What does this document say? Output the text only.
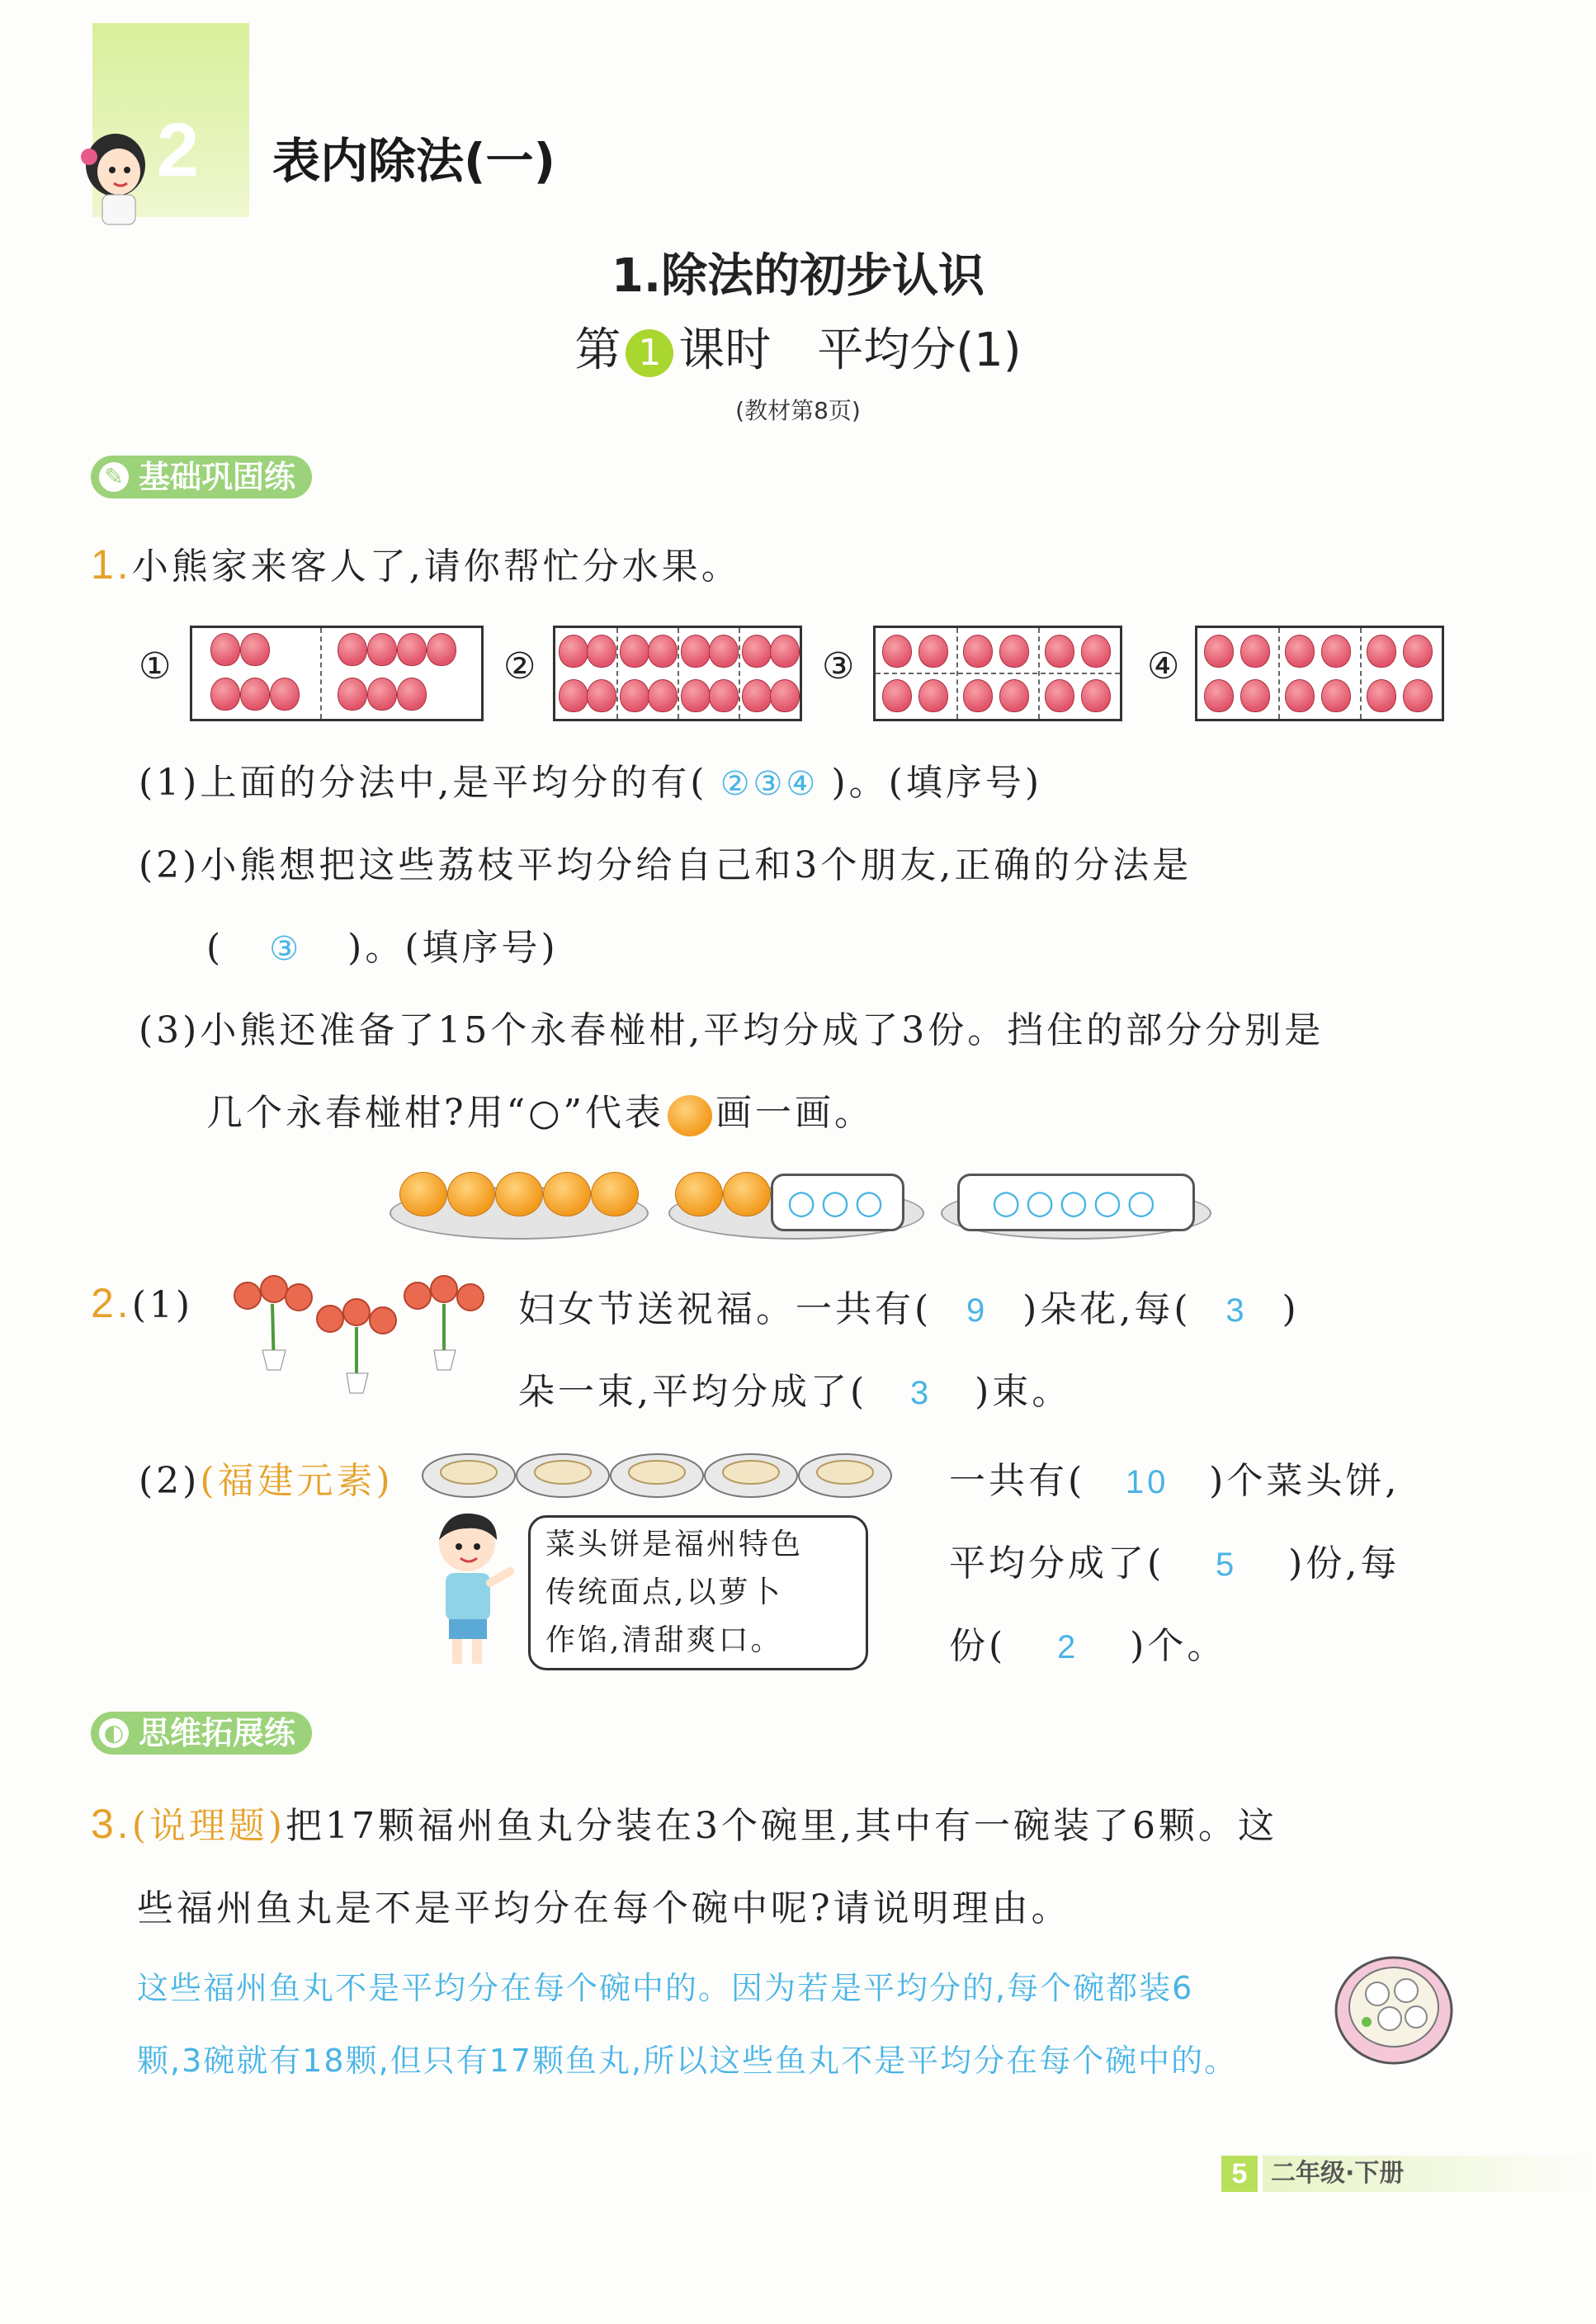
2 表内除法(一)
1.除法的初步认识
第 1 课时　平均分(1)
(教材第8页)
✎ 基础巩固练
1.小熊家来客人了,请你帮忙分水果。
①	②	③	④
(1)上面的分法中,是平均分的有( ②③④ )。(填序号)
(2)小熊想把这些荔枝平均分给自己和3个朋友,正确的分法是
( ③ )。(填序号)
(3)小熊还准备了15个永春椪柑,平均分成了3份。挡住的部分分别是
几个永春椪柑?用“○”代表 画一画。
○○○	○○○○○
2.(1)	妇女节送祝福。一共有( 9 )朵花,每( 3 )
朵一束,平均分成了( 3 )束。
(2)(福建元素)
菜头饼是福州特色
传统面点,以萝卜
作馅,清甜爽口。
一共有( 10 )个菜头饼,
平均分成了( 5 )份,每
份( 2 )个。
◐ 思维拓展练
3.(说理题)把17颗福州鱼丸分装在3个碗里,其中有一碗装了6颗。这
些福州鱼丸是不是平均分在每个碗中呢?请说明理由。
这些福州鱼丸不是平均分在每个碗中的。因为若是平均分的,每个碗都装6
颗,3碗就有18颗,但只有17颗鱼丸,所以这些鱼丸不是平均分在每个碗中的。
5 二年级·下册
